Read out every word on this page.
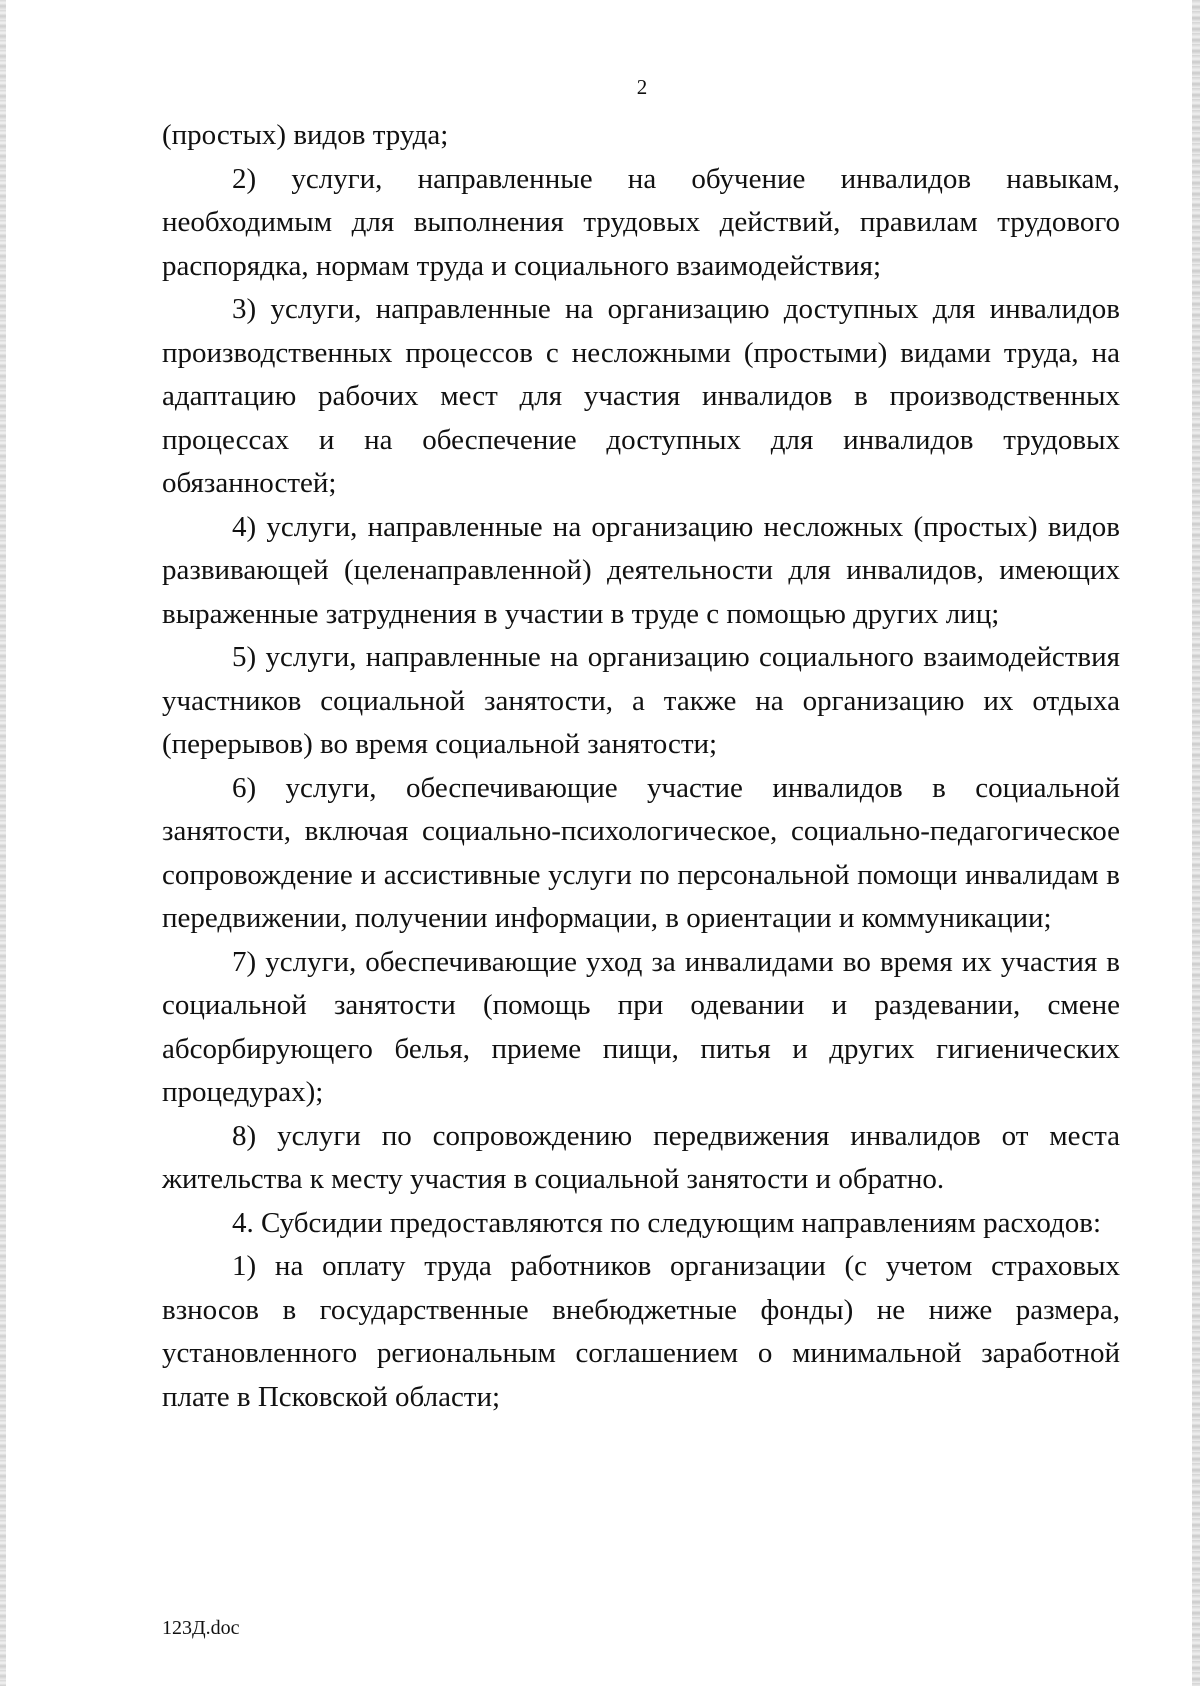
2

(простых) видов труда;

2) услуги, направленные на обучение инвалидов навыкам, необходимым для выполнения трудовых действий, правилам трудового распорядка, нормам труда и социального взаимодействия;

3) услуги, направленные на организацию доступных для инвалидов производственных процессов с несложными (простыми) видами труда, на адаптацию рабочих мест для участия инвалидов в производственных процессах и на обеспечение доступных для инвалидов трудовых обязанностей;

4) услуги, направленные на организацию несложных (простых) видов развивающей (целенаправленной) деятельности для инвалидов, имеющих выраженные затруднения в участии в труде с помощью других лиц;

5) услуги, направленные на организацию социального взаимодействия участников социальной занятости, а также на организацию их отдыха (перерывов) во время социальной занятости;

6) услуги, обеспечивающие участие инвалидов в социальной занятости, включая социально-психологическое, социально-педагогическое сопровождение и ассистивные услуги по персональной помощи инвалидам в передвижении, получении информации, в ориентации и коммуникации;

7) услуги, обеспечивающие уход за инвалидами во время их участия в социальной занятости (помощь при одевании и раздевании, смене абсорбирующего белья, приеме пищи, питья и других гигиенических процедурах);

8) услуги по сопровождению передвижения инвалидов от места жительства к месту участия в социальной занятости и обратно.

4. Субсидии предоставляются по следующим направлениям расходов:

1) на оплату труда работников организации (с учетом страховых взносов в государственные внебюджетные фонды) не ниже размера, установленного региональным соглашением о минимальной заработной плате в Псковской области;

123Д.doc
